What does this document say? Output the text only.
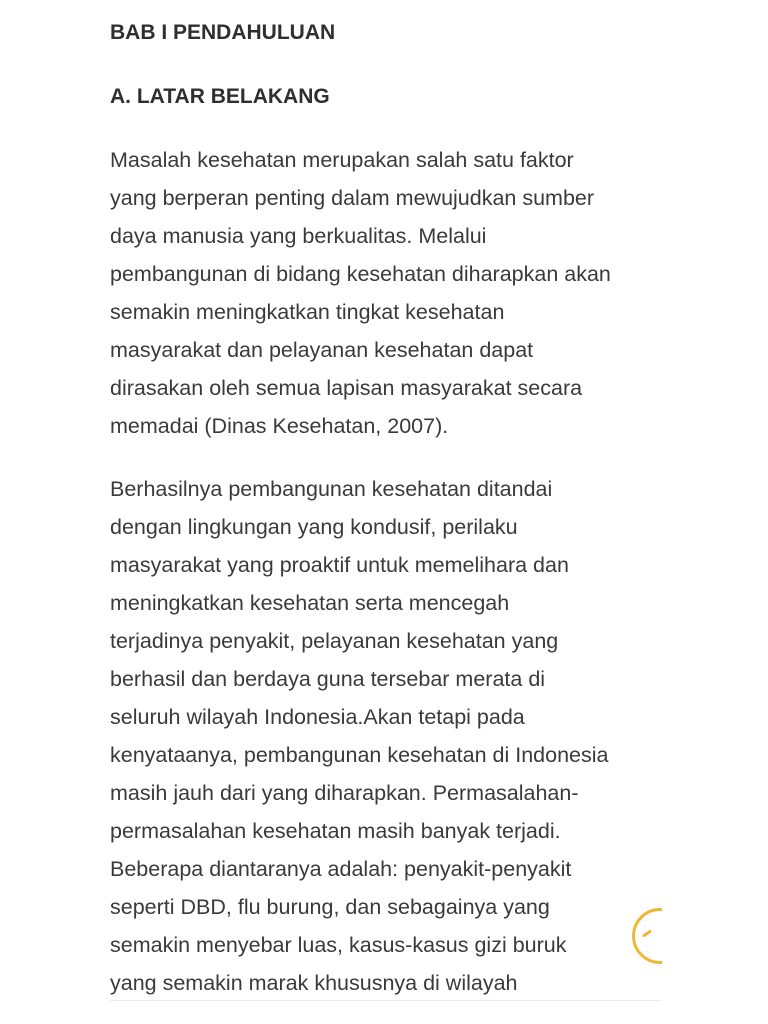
BAB I PENDAHULUAN
A. LATAR BELAKANG
Masalah kesehatan merupakan salah satu faktor
yang berperan penting dalam mewujudkan sumber
daya manusia yang berkualitas. Melalui
pembangunan di bidang kesehatan diharapkan akan
semakin meningkatkan tingkat kesehatan
masyarakat dan pelayanan kesehatan dapat
dirasakan oleh semua lapisan masyarakat secara
memadai (Dinas Kesehatan, 2007).
Berhasilnya pembangunan kesehatan ditandai
dengan lingkungan yang kondusif, perilaku
masyarakat yang proaktif untuk memelihara dan
meningkatkan kesehatan serta mencegah
terjadinya penyakit, pelayanan kesehatan yang
berhasil dan berdaya guna tersebar merata di
seluruh wilayah Indonesia.Akan tetapi pada
kenyataanya, pembangunan kesehatan di Indonesia
masih jauh dari yang diharapkan. Permasalahan-
permasalahan kesehatan masih banyak terjadi.
Beberapa diantaranya adalah: penyakit-penyakit
seperti DBD, flu burung, dan sebagainya yang
semakin menyebar luas, kasus-kasus gizi buruk
yang semakin marak khususnya di wilayah
